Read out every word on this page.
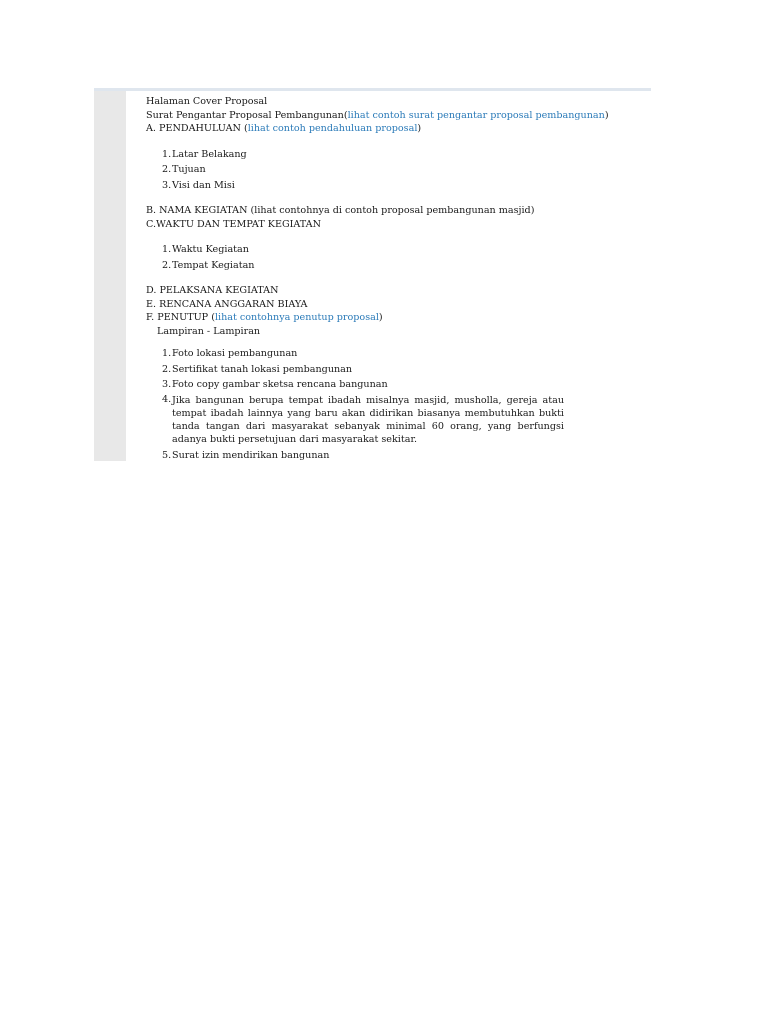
Halaman Cover Proposal
Surat Pengantar Proposal Pembangunan(lihat contoh surat pengantar proposal pembangunan)
A. PENDAHULUAN (lihat contoh pendahuluan proposal)
1. Latar Belakang
2. Tujuan
3. Visi dan Misi
B. NAMA KEGIATAN (lihat contohnya di contoh proposal pembangunan masjid)
C.WAKTU DAN TEMPAT KEGIATAN
1. Waktu Kegiatan
2. Tempat Kegiatan
D. PELAKSANA KEGIATAN
E. RENCANA ANGGARAN BIAYA
F. PENUTUP (lihat contohnya penutup proposal)
Lampiran - Lampiran
1. Foto lokasi pembangunan
2. Sertifikat tanah lokasi pembangunan
3. Foto copy gambar sketsa rencana bangunan
4. Jika bangunan berupa tempat ibadah misalnya masjid, musholla, gereja atau tempat ibadah lainnya yang baru akan didirikan biasanya membutuhkan bukti tanda tangan dari masyarakat sebanyak minimal 60 orang, yang berfungsi adanya bukti persetujuan dari masyarakat sekitar.
5. Surat izin mendirikan bangunan
